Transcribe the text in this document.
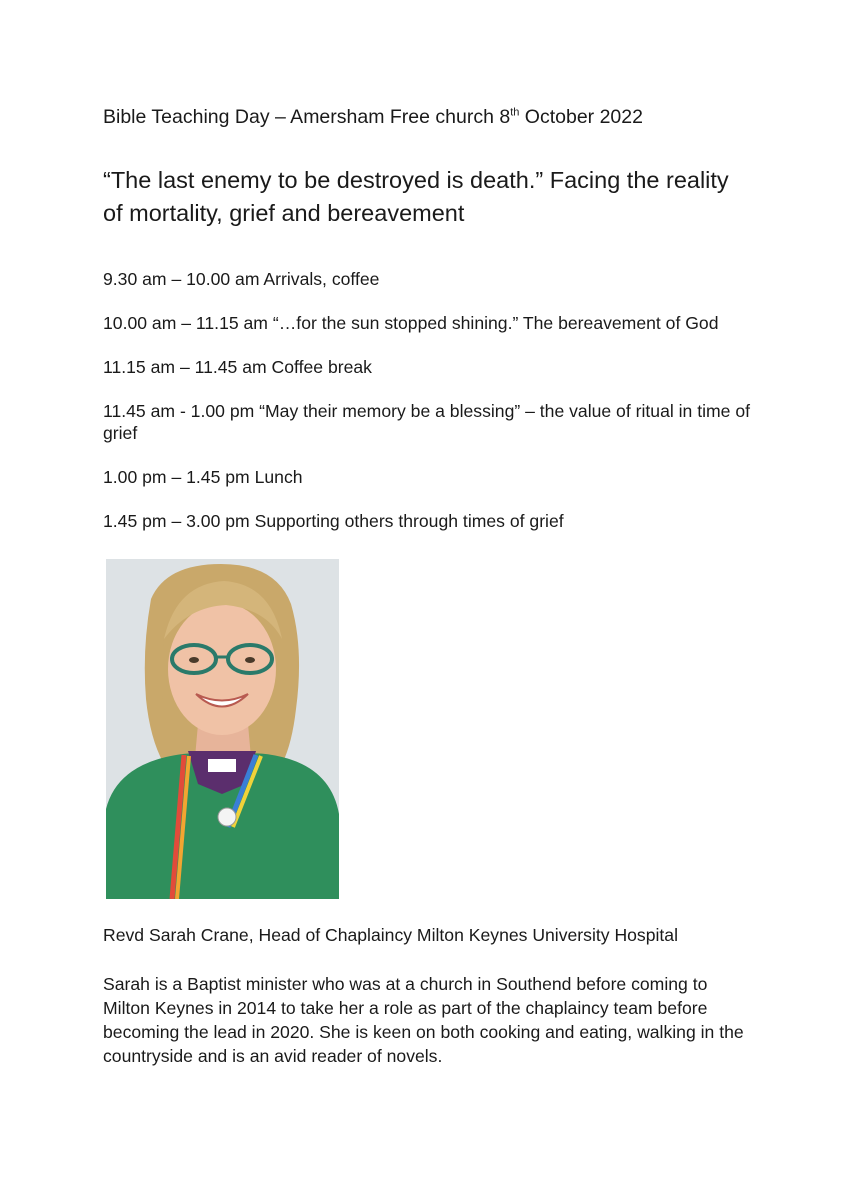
Bible Teaching Day – Amersham Free church 8th October 2022
“The last enemy to be destroyed is death.” Facing the reality of mortality, grief and bereavement
9.30 am – 10.00 am Arrivals, coffee
10.00 am – 11.15 am “…for the sun stopped shining.” The bereavement of God
11.15 am – 11.45 am Coffee break
11.45 am - 1.00 pm “May their memory be a blessing” – the value of ritual in time of grief
1.00 pm – 1.45 pm Lunch
1.45 pm – 3.00 pm Supporting others through times of grief
Revd Sarah Crane, Head of Chaplaincy Milton Keynes University Hospital

Sarah is a Baptist minister who was at a church in Southend before coming to Milton Keynes in 2014 to take her a role as part of the chaplaincy team before becoming the lead in 2020. She is keen on both cooking and eating, walking in the countryside and is an avid reader of novels.
